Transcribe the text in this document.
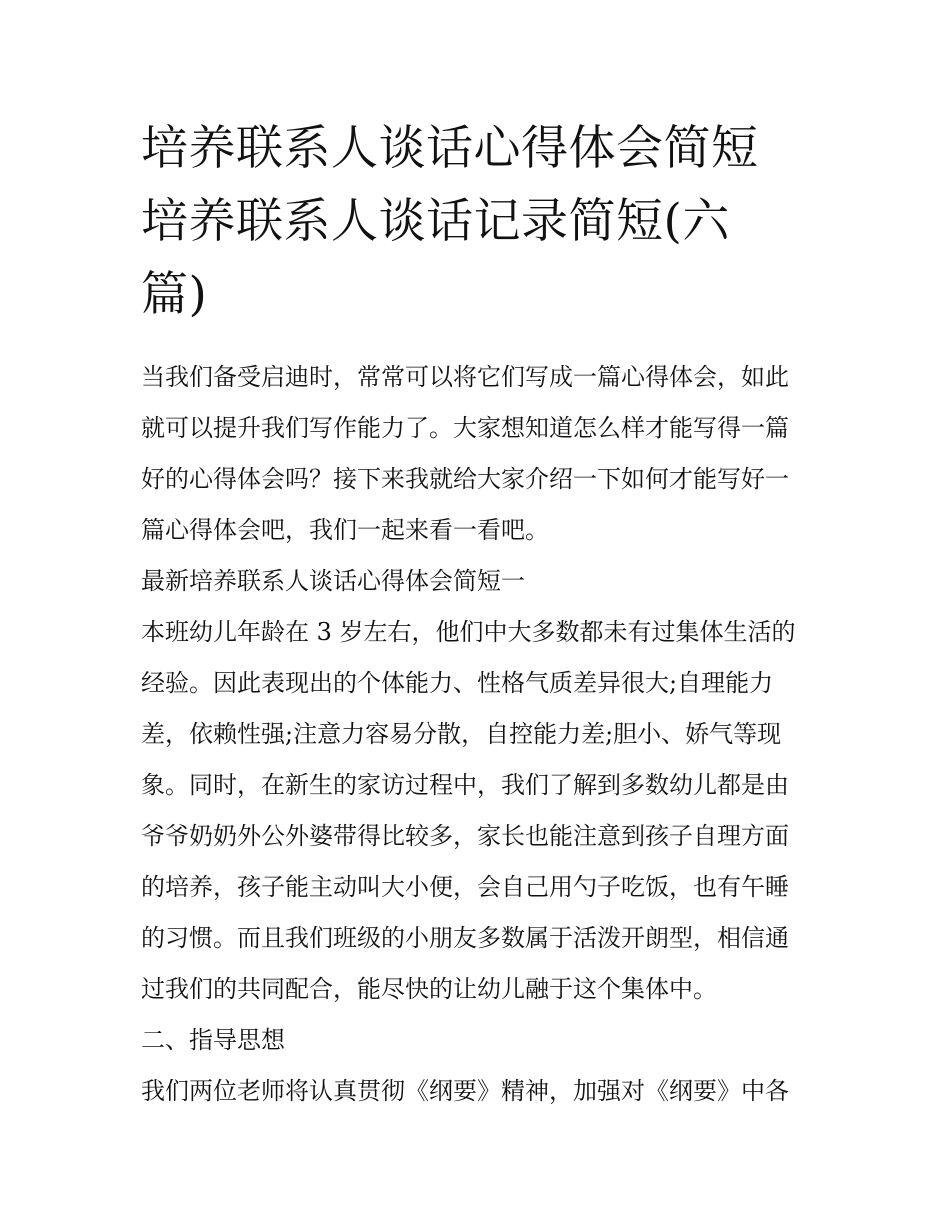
培养联系人谈话心得体会简短
培养联系人谈话记录简短(六
篇)

当我们备受启迪时，常常可以将它们写成一篇心得体会，如此
就可以提升我们写作能力了。大家想知道怎么样才能写得一篇
好的心得体会吗？接下来我就给大家介绍一下如何才能写好一
篇心得体会吧，我们一起来看一看吧。

最新培养联系人谈话心得体会简短一

本班幼儿年龄在 3 岁左右，他们中大多数都未有过集体生活的
经验。因此表现出的个体能力、性格气质差异很大;自理能力
差，依赖性强;注意力容易分散，自控能力差;胆小、娇气等现
象。同时，在新生的家访过程中，我们了解到多数幼儿都是由
爷爷奶奶外公外婆带得比较多，家长也能注意到孩子自理方面
的培养，孩子能主动叫大小便，会自己用勺子吃饭，也有午睡
的习惯。而且我们班级的小朋友多数属于活泼开朗型，相信通
过我们的共同配合，能尽快的让幼儿融于这个集体中。

二、指导思想

我们两位老师将认真贯彻《纲要》精神，加强对《纲要》中各
